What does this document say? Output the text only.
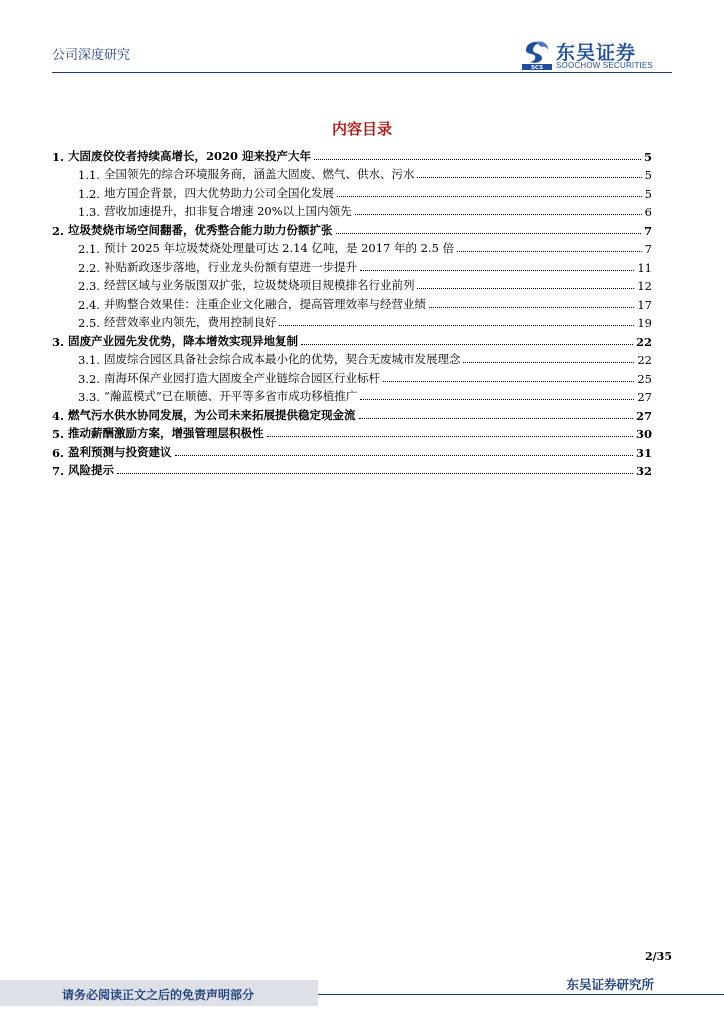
公司深度研究
SCS
东吴证券
SOOCHOW SECURITIES
内容目录
1. 大固废佼佼者持续高增长，2020 迎来投产大年	5
1.1. 全国领先的综合环境服务商，涵盖大固废、燃气、供水、污水	5
1.2. 地方国企背景，四大优势助力公司全国化发展	5
1.3. 营收加速提升，扣非复合增速 20%以上国内领先	6
2. 垃圾焚烧市场空间翻番，优秀整合能力助力份额扩张	7
2.1. 预计 2025 年垃圾焚烧处理量可达 2.14 亿吨，是 2017 年的 2.5 倍	7
2.2. 补贴新政逐步落地，行业龙头份额有望进一步提升	11
2.3. 经营区域与业务版图双扩张，垃圾焚烧项目规模排名行业前列	12
2.4. 并购整合效果佳：注重企业文化融合，提高管理效率与经营业绩	17
2.5. 经营效率业内领先，费用控制良好	19
3. 固废产业园先发优势，降本增效实现异地复制	22
3.1. 固废综合园区具备社会综合成本最小化的优势，契合无废城市发展理念	22
3.2. 南海环保产业园打造大固废全产业链综合园区行业标杆	25
3.3. “瀚蓝模式”已在顺德、开平等多省市成功移植推广	27
4. 燃气污水供水协同发展，为公司未来拓展提供稳定现金流	27
5. 推动薪酬激励方案，增强管理层积极性	30
6. 盈利预测与投资建议	31
7. 风险提示	32
2/35
请务必阅读正文之后的免责声明部分
东吴证券研究所
